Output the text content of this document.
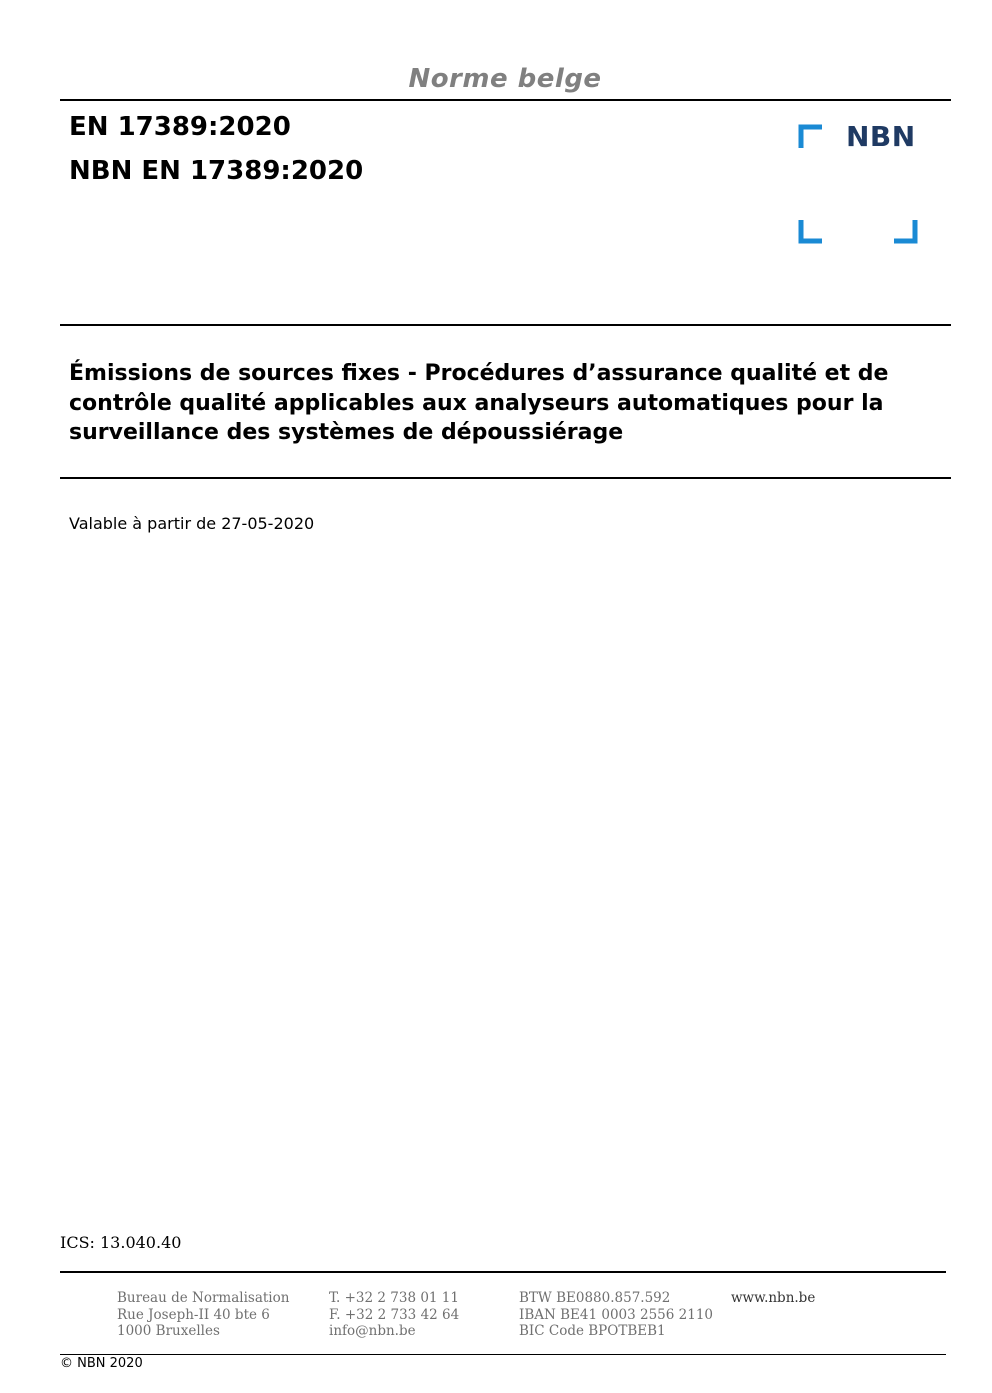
Norme belge
EN 17389:2020
NBN EN 17389:2020
NBN
Émissions de sources fixes - Procédures d’assurance qualité et de contrôle qualité applicables aux analyseurs automatiques pour la surveillance des systèmes de dépoussiérage
Valable à partir de 27-05-2020
ICS: 13.040.40
Bureau de Normalisation
Rue Joseph-II 40 bte 6
1000 Bruxelles
T. +32 2 738 01 11
F. +32 2 733 42 64
info@nbn.be
BTW BE0880.857.592
IBAN BE41 0003 2556 2110
BIC Code BPOTBEB1
www.nbn.be
© NBN 2020
